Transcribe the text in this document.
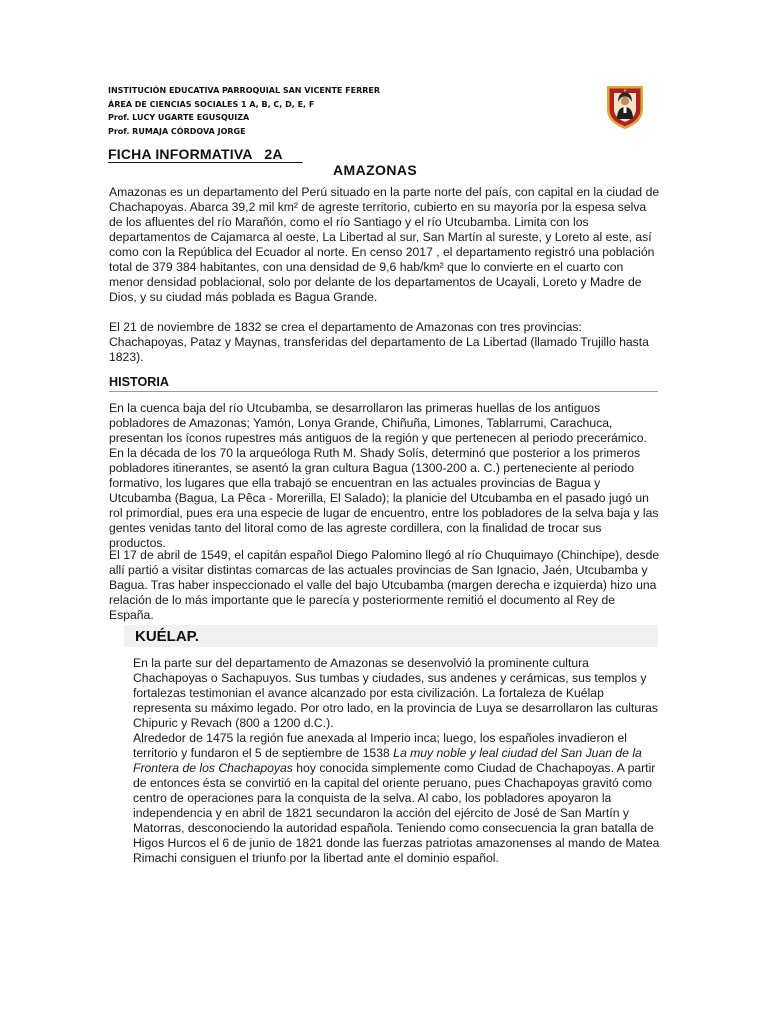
INSTITUCIÓN EDUCATIVA PARROQUIAL SAN VICENTE FERRER
ÁREA DE CIENCIAS SOCIALES 1 A, B, C, D, E, F
Prof. LUCY UGARTE EGUSQUIZA
Prof. RUMAJA CÓRDOVA JORGE
FICHA INFORMATIVA   2A
AMAZONAS

Amazonas es un departamento del Perú situado en la parte norte del país, con capital en la ciudad de Chachapoyas. Abarca 39,2 mil km² de agreste territorio, cubierto en su mayoría por la espesa selva de los afluentes del río Marañón, como el río Santiago y el río Utcubamba. Limita con los departamentos de Cajamarca al oeste, La Libertad al sur, San Martín al sureste, y Loreto al este, así como con la República del Ecuador al norte. En censo 2017 , el departamento registró una población total de 379 384 habitantes, con una densidad de 9,6 hab/km² que lo convierte en el cuarto con menor densidad poblacional, solo por delante de los departamentos de Ucayali, Loreto y Madre de Dios, y su ciudad más poblada es Bagua Grande.

El 21 de noviembre de 1832 se crea el departamento de Amazonas con tres provincias: Chachapoyas, Pataz y Maynas, transferidas del departamento de La Libertad (llamado Trujillo hasta 1823).

HISTORIA

En la cuenca baja del río Utcubamba, se desarrollaron las primeras huellas de los antiguos pobladores de Amazonas; Yamón, Lonya Grande, Chiñuña, Limones, Tablarrumi, Carachuca, presentan los íconos rupestres más antiguos de la región y que pertenecen al periodo precerámico. En la década de los 70 la arqueóloga Ruth M. Shady Solís, determinó que posterior a los primeros pobladores itinerantes, se asentó la gran cultura Bagua (1300-200 a. C.) perteneciente al periodo formativo, los lugares que ella trabajó se encuentran en las actuales provincias de Bagua y Utcubamba (Bagua, La Pêca - Morerilla, El Salado); la planicie del Utcubamba en el pasado jugó un rol primordial, pues era una especie de lugar de encuentro, entre los pobladores de la selva baja y las gentes venidas tanto del litoral como de las agreste cordillera, con la finalidad de trocar sus productos.

El 17 de abril de 1549, el capitán español Diego Palomino llegó al río Chuquimayo (Chinchipe), desde allí partió a visitar distintas comarcas de las actuales provincias de San Ignacio, Jaén, Utcubamba y Bagua. Tras haber inspeccionado el valle del bajo Utcubamba (margen derecha e izquierda) hizo una relación de lo más importante que le parecía y posteriormente remitió el documento al Rey de España.

KUÉLAP.

En la parte sur del departamento de Amazonas se desenvolvió la prominente cultura Chachapoyas o Sachapuyos. Sus tumbas y ciudades, sus andenes y cerámicas, sus templos y fortalezas testimonian el avance alcanzado por esta civilización. La fortaleza de Kuélap representa su máximo legado. Por otro lado, en la provincia de Luya se desarrollaron las culturas Chipuric y Revach (800 a 1200 d.C.).

Alrededor de 1475 la región fue anexada al Imperio inca; luego, los españoles invadieron el territorio y fundaron el 5 de septiembre de 1538 La muy noble y leal ciudad del San Juan de la Frontera de los Chachapoyas hoy conocida simplemente como Ciudad de Chachapoyas. A partir de entonces ésta se convirtió en la capital del oriente peruano, pues Chachapoyas gravitó como centro de operaciones para la conquista de la selva. Al cabo, los pobladores apoyaron la independencia y en abril de 1821 secundaron la acción del ejército de José de San Martín y Matorras, desconociendo la autoridad española. Teniendo como consecuencia la gran batalla de Higos Hurcos el 6 de junio de 1821 donde las fuerzas patriotas amazonenses al mando de Matea Rimachi consiguen el triunfo por la libertad ante el dominio español.
